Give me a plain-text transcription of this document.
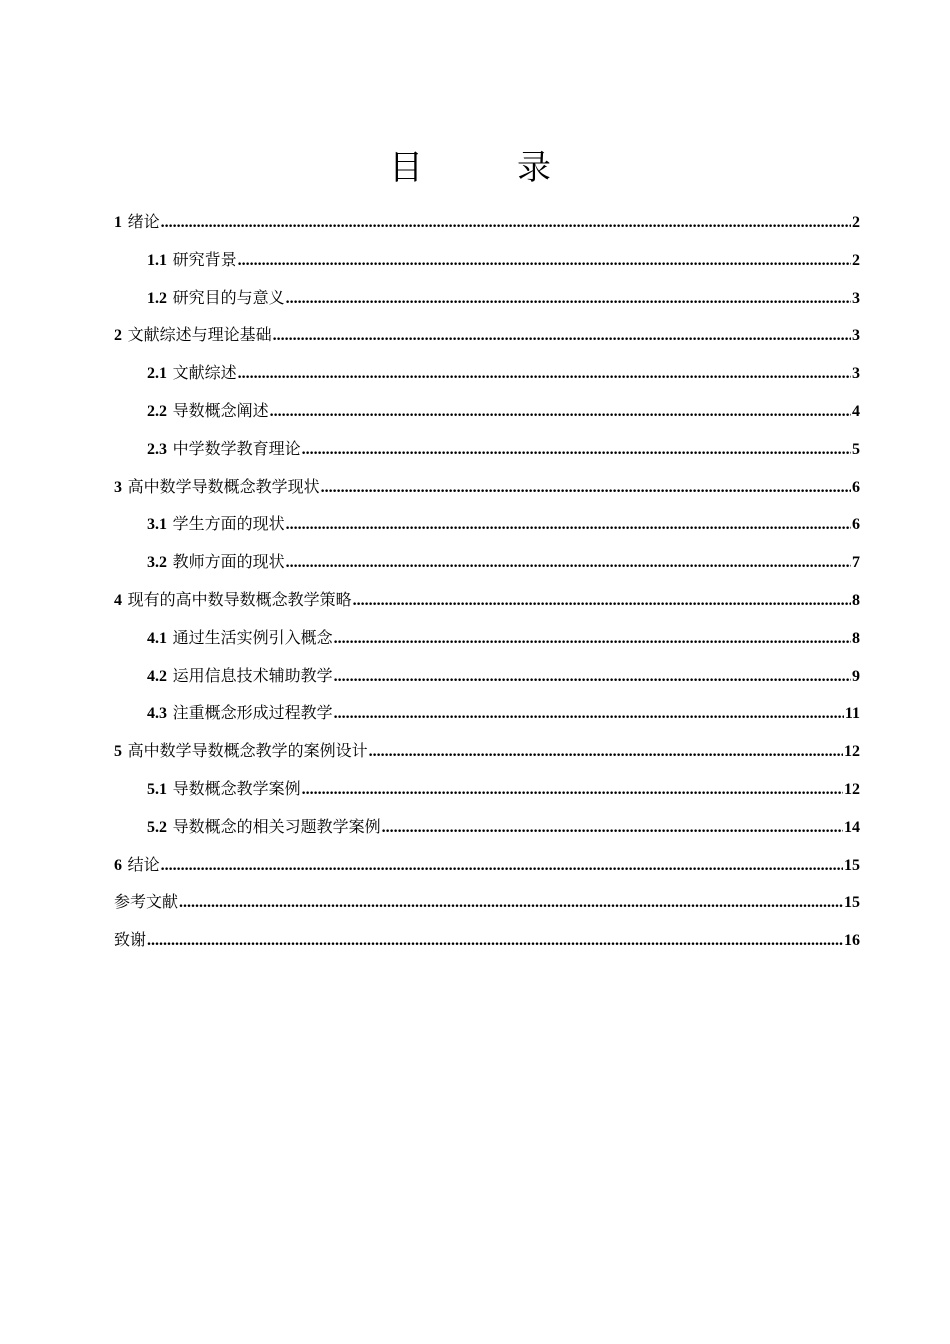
目　录
1 绪论 .....	2
1.1 研究背景 .....	2
1.2 研究目的与意义 .....	3
2 文献综述与理论基础 .....	3
2.1 文献综述 .....	3
2.2 导数概念阐述 .....	4
2.3 中学数学教育理论 .....	5
3 高中数学导数概念教学现状 .....	6
3.1 学生方面的现状 .....	6
3.2 教师方面的现状 .....	7
4 现有的高中数导数概念教学策略 .....	8
4.1 通过生活实例引入概念 .....	8
4.2 运用信息技术辅助教学 .....	9
4.3 注重概念形成过程教学 .....	11
5 高中数学导数概念教学的案例设计 .....	12
5.1 导数概念教学案例 .....	12
5.2 导数概念的相关习题教学案例 .....	14
6 结论 .....	15
参考文献 .....	15
致谢 .....	16
